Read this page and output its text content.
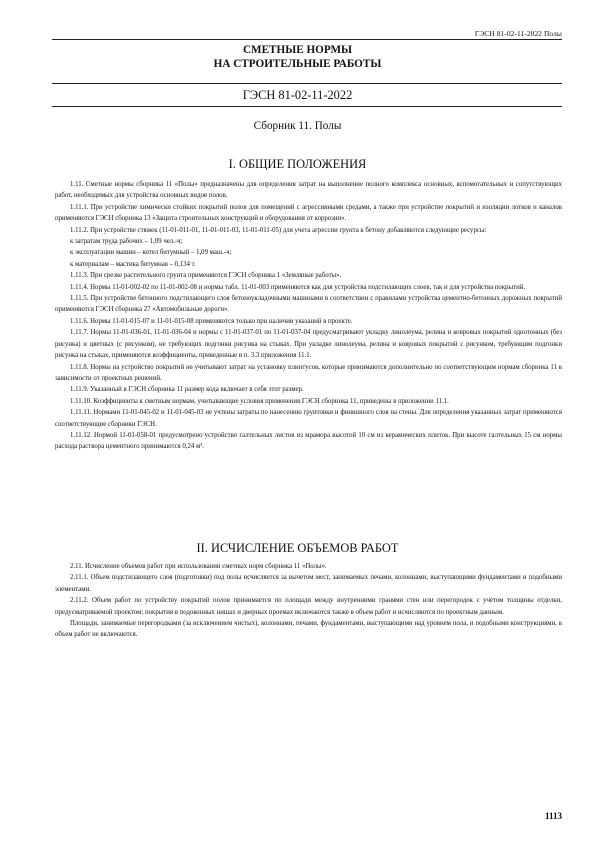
ГЭСН 81-02-11-2022 Полы
СМЕТНЫЕ НОРМЫ
НА СТРОИТЕЛЬНЫЕ РАБОТЫ
ГЭСН 81-02-11-2022
Сборник 11. Полы
I. ОБЩИЕ ПОЛОЖЕНИЯ

1.11. Сметные нормы сборника 11 «Полы» предназначены для определения затрат на выполнение полного комплекса основных, вспомогательных и сопутствующих работ, необходимых для устройства основных видов полов.

1.11.1. При устройстве химически стойких покрытий полов для помещений с агрессивными средами, а также при устройстве покрытий и изоляции лотков и каналов применяются ГЭСН сборника 13 «Защита строительных конструкций и оборудования от коррозии».

1.11.2. При устройстве стяжек (11-01-011-01, 11-01-011-03, 11-01-011-05) для учета агрессии грунта к бетону добавляются следующие ресурсы:

к затратам труда рабочих – 1,09 чел.-ч;

к эксплуатации машин – котел битумный – 1,09 маш.-ч;

к материалам – мастика битумная – 0,134 т.

1.11.3. При срезке растительного грунта применяются ГЭСН сборника 1 «Земляные работы».

1.11.4. Нормы 11-01-002-02 по 11-01-002-08 и нормы табл. 11-01-003 применяются как для устройства подстилающих слоев, так и для устройства покрытий.

1.11.5. При устройстве бетонного подстилающего слоя бетоноукладочными машинами в соответствии с правилами устройства цементно-бетонных дорожных покрытий применяются ГЭСН сборника 27 «Автомобильные дороги».

1.11.6. Нормы 11-01-015-07 и 11-01-015-08 применяются только при наличии указаний в проекте.

1.11.7. Нормы 11-01-036-01, 11-01-036-04 и нормы с 11-01-037-01 по 11-01-037-04 предусматривают укладку линолеума, релина и ковровых покрытий однотонных (без рисунка) и цветных (с рисунком), не требующих подгонки рисунка на стыках. При укладке линолеума, релина и ковровых покрытий с рисунком, требующим подгонки рисунка на стыках, применяются коэффициенты, приведенные в п. 3.3 приложения 11.1.

1.11.8. Нормы на устройство покрытий не учитывают затрат на установку плинтусов, которые принимаются дополнительно по соответствующим нормам сборника 11 в зависимости от проектных решений.

1.11.9. Указанный в ГЭСН сборника 11 размер кода включает в себя этот размер.

1.11.10. Коэффициенты к сметным нормам, учитывающие условия применения ГЭСН сборника 11, приведены в приложении 11.1.

1.11.11. Нормами 11-01-045-02 и 11-01-045-03 не учтены затраты по нанесению грунтовки и финишного слоя на стены. Для определения указанных затрат применяются соответствующие сборники ГЭСН.

1.11.12. Нормой 11-01-058-01 предусмотрено устройство галтельных листов из мрамора высотой 10 см из керамических плиток. При высоте галтельных 15 см нормы расхода раствора цементного принимаются 0,24 м³.

II. ИСЧИСЛЕНИЕ ОБЪЕМОВ РАБОТ

2.11. Исчисление объемов работ при использовании сметных норм сборника 11 «Полы».

2.11.1. Объем подстилающего слоя (подготовки) под полы исчисляется за вычетом мест, занимаемых печами, колоннами, выступающими фундаментами и подобными элементами.

2.11.2. Объем работ по устройству покрытий полов принимается по площади между внутренними гранями стен или перегородок с учетом толщины отделки, предусматриваемой проектом; покрытия в подоконных нишах и дверных проемах включаются также в объем работ и исчисляются по проектным данным.

Площади, занимаемые перегородками (за исключением чистых), колоннами, печами, фундаментами, выступающими над уровнем пола, и подобными конструкциями, в объем работ не включаются.

1113
